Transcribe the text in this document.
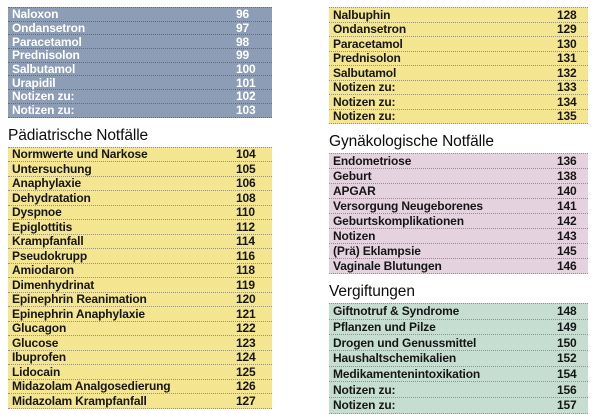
Naloxon	96
Ondansetron	97
Paracetamol	98
Prednisolon	99
Salbutamol	100
Urapidil	101
Notizen zu:	102
Notizen zu:	103
Pädiatrische Notfälle
Normwerte und Narkose	104
Untersuchung	105
Anaphylaxie	106
Dehydratation	108
Dyspnoe	110
Epiglottitis	112
Krampfanfall	114
Pseudokrupp	116
Amiodaron	118
Dimenhydrinat	119
Epinephrin Reanimation	120
Epinephrin Anaphylaxie	121
Glucagon	122
Glucose	123
Ibuprofen	124
Lidocain	125
Midazolam Analgosedierung	126
Midazolam Krampfanfall	127
Nalbuphin	128
Ondansetron	129
Paracetamol	130
Prednisolon	131
Salbutamol	132
Notizen zu:	133
Notizen zu:	134
Notizen zu:	135
Gynäkologische Notfälle
Endometriose	136
Geburt	138
APGAR	140
Versorgung Neugeborenes	141
Geburtskomplikationen	142
Notizen	143
(Prä) Eklampsie	145
Vaginale Blutungen	146
Vergiftungen
Giftnotruf & Syndrome	148
Pflanzen und Pilze	149
Drogen und Genussmittel	150
Haushaltschemikalien	152
Medikamentenintoxikation	154
Notizen zu:	156
Notizen zu:	157
